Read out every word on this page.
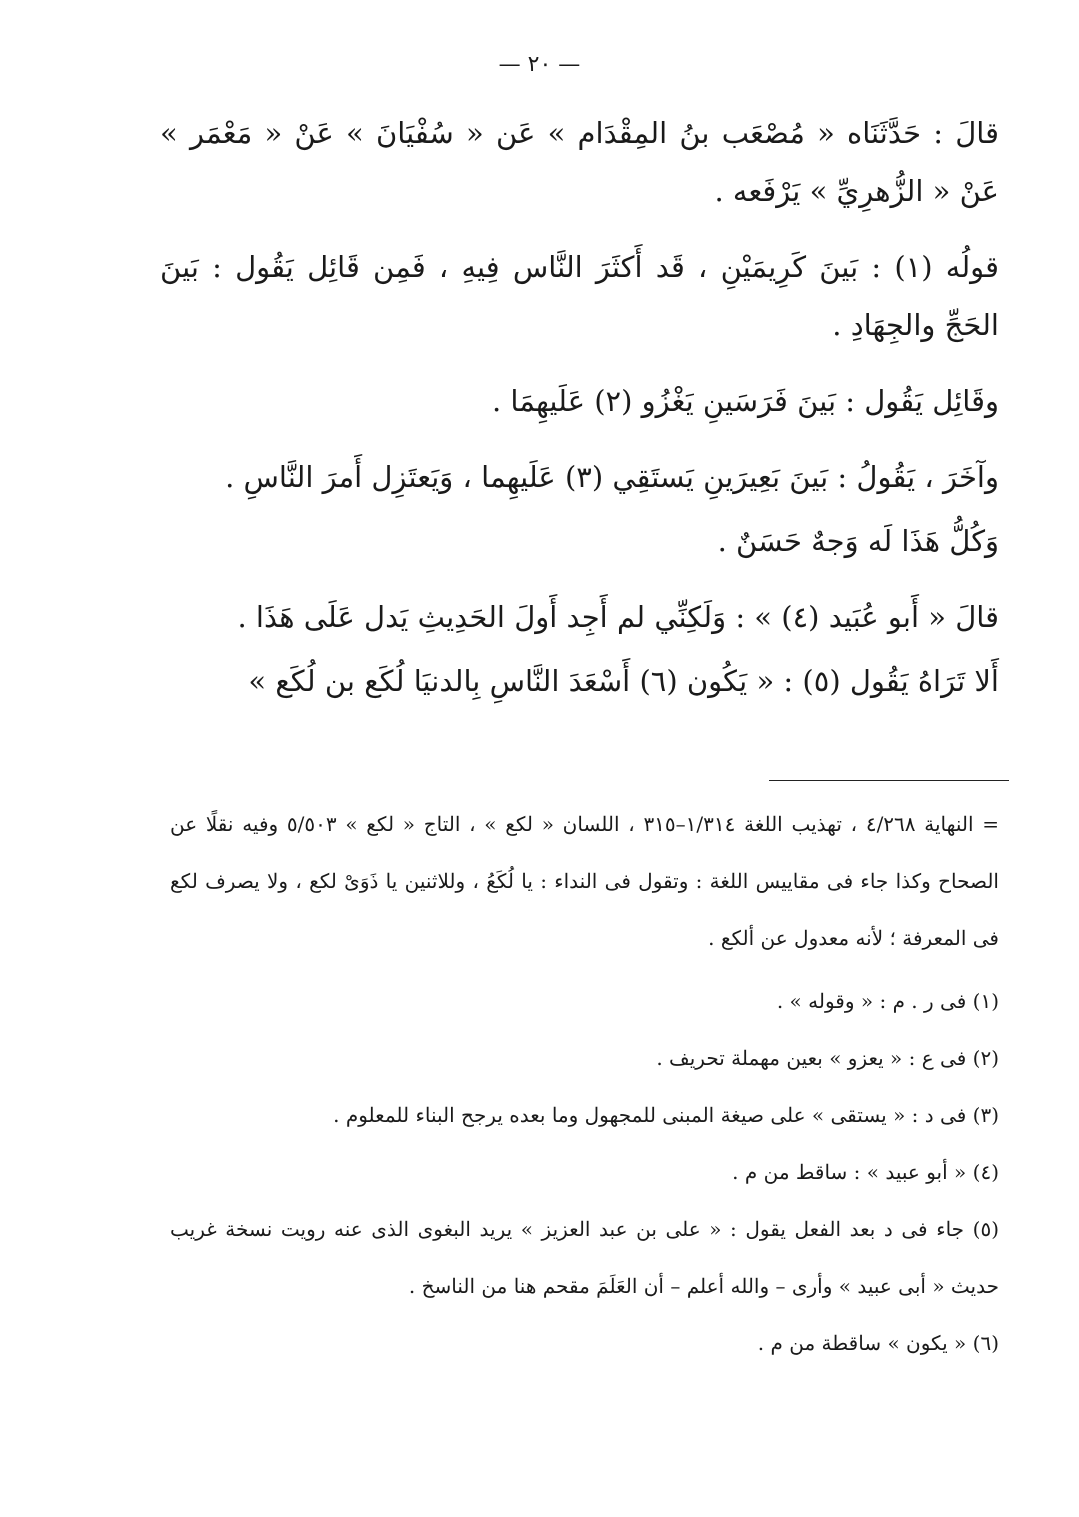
— ٢٠ —

قالَ : حَدَّثَنَاه « مُصْعَب بنُ المِقْدَام » عَن « سُفْيَانَ » عَنْ « مَعْمَر » عَنْ « الزُّهرِيِّ » يَرْفَعه .

قولُه (١) : بَينَ كَرِيمَيْنِ ، قَد أَكثَرَ النَّاس فِيهِ ، فَمِن قَائِل يَقُول : بَينَ الحَجِّ والجِهَادِ .

وقَائِل يَقُول : بَينَ فَرَسَينِ يَغْزُو (٢) عَلَيهِمَا .

وآخَرَ ، يَقُولُ : بَينَ بَعِيرَينِ يَستَقِي (٣) عَلَيهِما ، وَيَعتَزِل أَمرَ النَّاسِ .

وَكُلُّ هَذَا لَه وَجهٌ حَسَنٌ .

قالَ « أَبو عُبَيد (٤) » : وَلَكِنِّي لم أَجِد أَولَ الحَدِيثِ يَدل عَلَى هَذَا .

أَلا تَرَاهُ يَقُول (٥) : « يَكُون (٦) أَسْعَدَ النَّاسِ بِالدنيَا لُكَع بن لُكَع »

= النهاية ٤/٢٦٨ ، تهذيب اللغة ١/٣١٤–٣١٥ ، اللسان « لكع » ، التاج « لكع » ٥/٥٠٣ وفيه نقلًا عن الصحاح وكذا جاء فى مقاييس اللغة : وتقول فى النداء : يا لُكَعُ ، وللاثنين يا ذَوَىْ لكع ، ولا يصرف لكع فى المعرفة ؛ لأنه معدول عن ألكع .

(١) فى ر . م : « وقوله » .

(٢) فى ع : « يعزو » بعين مهملة تحريف .

(٣) فى د : « يستقى » على صيغة المبنى للمجهول وما بعده يرجح البناء للمعلوم .

(٤) « أبو عبيد » : ساقط من م .

(٥) جاء فى د بعد الفعل يقول : « على بن عبد العزيز » يريد البغوى الذى عنه رويت نسخة غريب حديث « أبى عبيد » وأرى – والله أعلم – أن العَلَمَ مقحم هنا من الناسخ .

(٦) « يكون » ساقطة من م .
